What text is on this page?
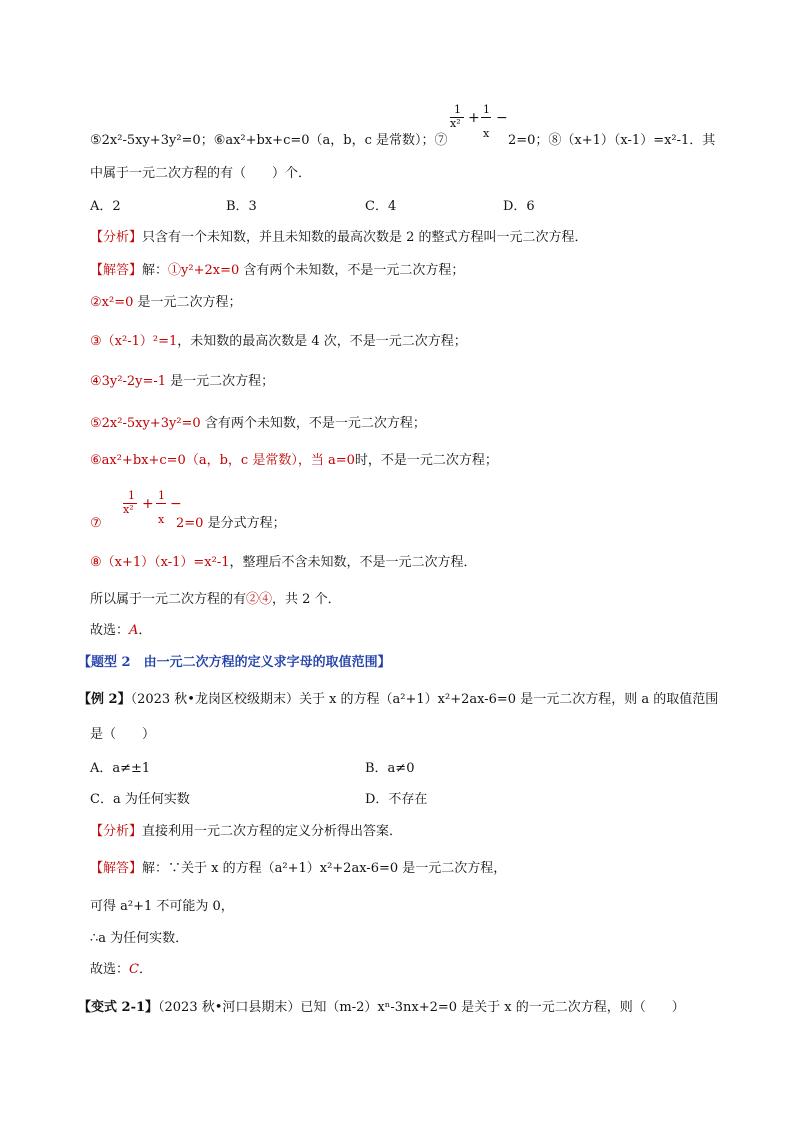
⑤2x²-5xy+3y²=0；⑥ax²+bx+c=0（a，b，c 是常数）；⑦
1
x² +
1
x
−
2=0；⑧（x+1）（x-1）=x²-1．其
中属于一元二次方程的有（　　）个．
A．2	B．3	C．4	D．6
【分析】只含有一个未知数，并且未知数的最高次数是 2 的整式方程叫一元二次方程．
【解答】解：①y²+2x=0 含有两个未知数，不是一元二次方程；
②x²=0 是一元二次方程；
③（x²-1）²=1，未知数的最高次数是 4 次，不是一元二次方程；
④3y²-2y=-1 是一元二次方程；
⑤2x²-5xy+3y²=0 含有两个未知数，不是一元二次方程；
⑥ax²+bx+c=0（a，b，c 是常数），当 a=0时，不是一元二次方程；
⑦
1
x² +
1
x
−
2=0 是分式方程；
⑧（x+1）（x-1）=x²-1，整理后不含未知数，不是一元二次方程．
所以属于一元二次方程的有②④，共 2 个．
故选：A．
【题型 2　由一元二次方程的定义求字母的取值范围】
【例 2】（2023 秋•龙岗区校级期末）关于 x 的方程（a²+1）x²+2ax-6=0 是一元二次方程，则 a 的取值范围
是（　　）
A．a≠±1	B．a≠0
C．a 为任何实数	D．不存在
【分析】直接利用一元二次方程的定义分析得出答案．
【解答】解：∵关于 x 的方程（a²+1）x²+2ax-6=0 是一元二次方程，
可得 a²+1 不可能为 0，
∴a 为任何实数．
故选：C．
【变式 2-1】（2023 秋•河口县期末）已知（m-2）xⁿ-3nx+2=0 是关于 x 的一元二次方程，则（　　）
